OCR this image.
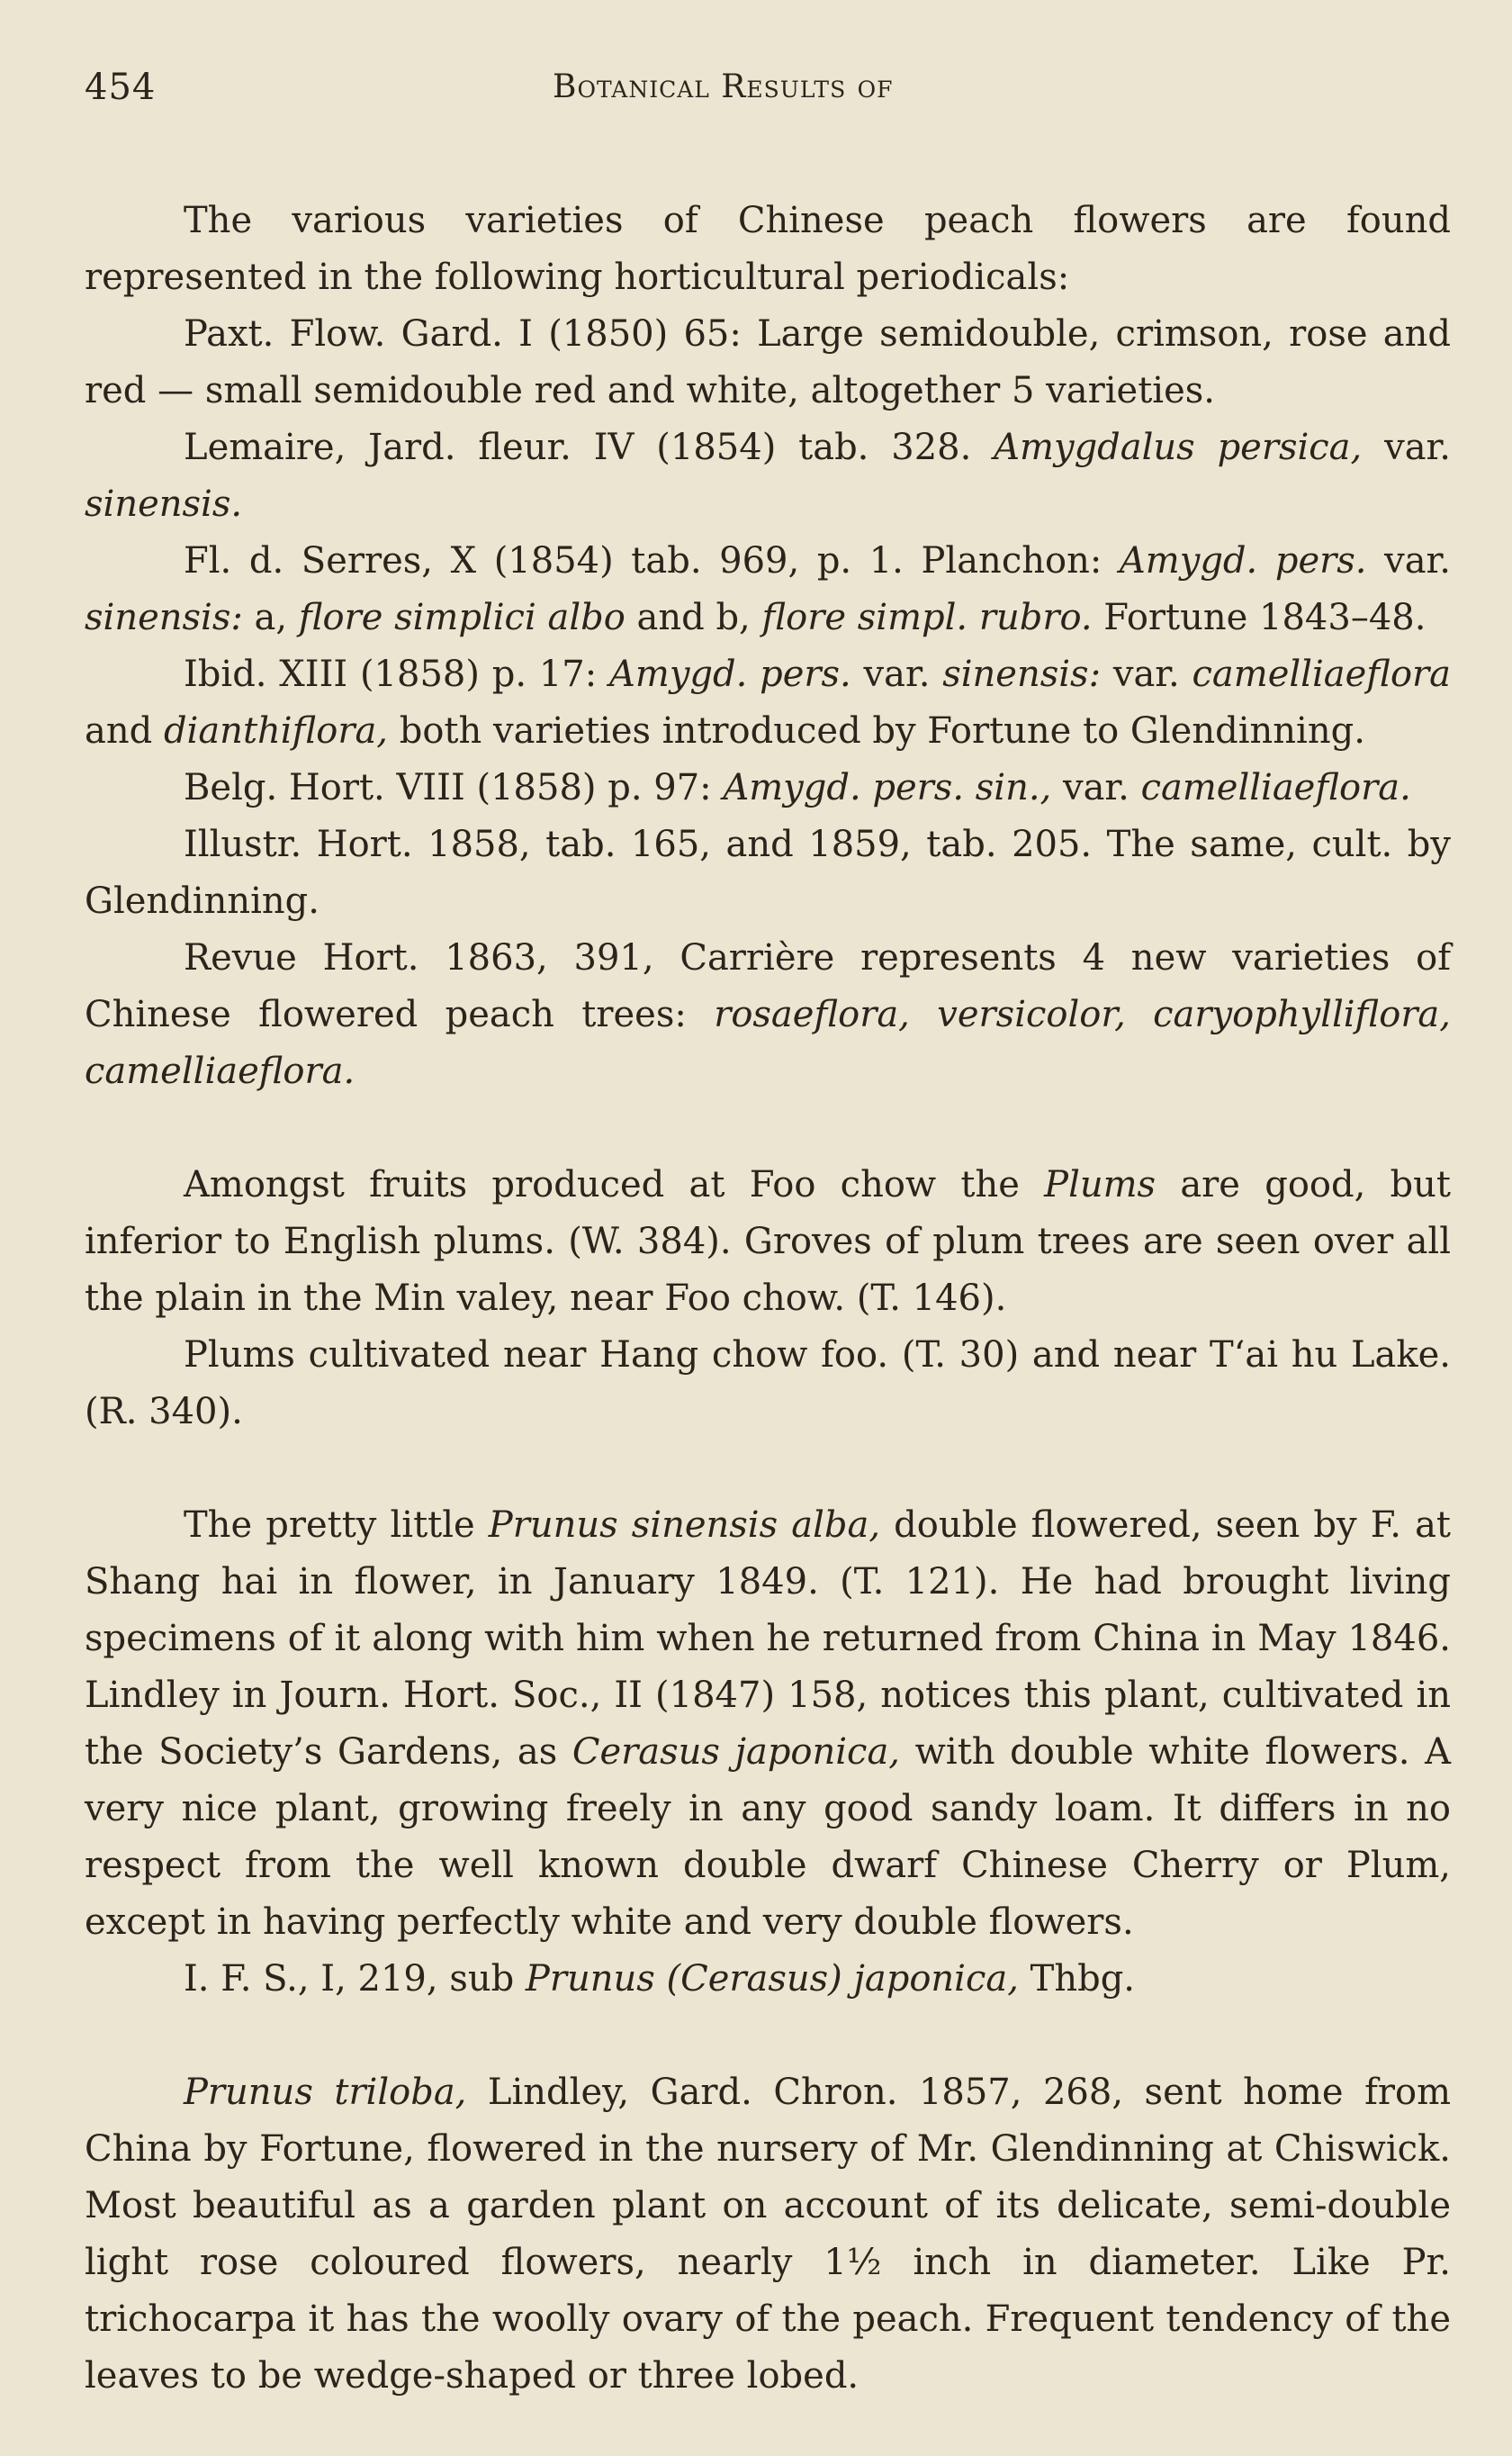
454	Botanical Results of

The various varieties of Chinese peach flowers are found represented in the following horticultural periodicals:

Paxt. Flow. Gard. I (1850) 65: Large semidouble, crimson, rose and red — small semidouble red and white, altogether 5 varieties.

Lemaire, Jard. fleur. IV (1854) tab. 328. Amygdalus persica, var. sinensis.

Fl. d. Serres, X (1854) tab. 969, p. 1. Planchon: Amygd. pers. var. sinensis: a, flore simplici albo and b, flore simpl. rubro. Fortune 1843–48.

Ibid. XIII (1858) p. 17: Amygd. pers. var. sinensis: var. camelliaeflora and dianthiflora, both varieties introduced by Fortune to Glendinning.

Belg. Hort. VIII (1858) p. 97: Amygd. pers. sin., var. camelliaeflora.

Illustr. Hort. 1858, tab. 165, and 1859, tab. 205. The same, cult. by Glendinning.

Revue Hort. 1863, 391, Carrière represents 4 new varieties of Chinese flowered peach trees: rosaeflora, versicolor, caryophylliflora, camelliaeflora.

Amongst fruits produced at Foo chow the Plums are good, but inferior to English plums. (W. 384). Groves of plum trees are seen over all the plain in the Min valey, near Foo chow. (T. 146).

Plums cultivated near Hang chow foo. (T. 30) and near T‘ai hu Lake. (R. 340).

The pretty little Prunus sinensis alba, double flowered, seen by F. at Shang hai in flower, in January 1849. (T. 121). He had brought living specimens of it along with him when he returned from China in May 1846. Lindley in Journ. Hort. Soc., II (1847) 158, notices this plant, cultivated in the Society’s Gardens, as Cerasus japonica, with double white flowers. A very nice plant, growing freely in any good sandy loam. It differs in no respect from the well known double dwarf Chinese Cherry or Plum, except in having perfectly white and very double flowers.

I. F. S., I, 219, sub Prunus (Cerasus) japonica, Thbg.

Prunus triloba, Lindley, Gard. Chron. 1857, 268, sent home from China by Fortune, flowered in the nursery of Mr. Glendinning at Chiswick. Most beautiful as a garden plant on account of its delicate, semi-double light rose coloured flowers, nearly 1½ inch in diameter. Like Pr. trichocarpa it has the woolly ovary of the peach. Frequent tendency of the leaves to be wedge-shaped or three lobed.
